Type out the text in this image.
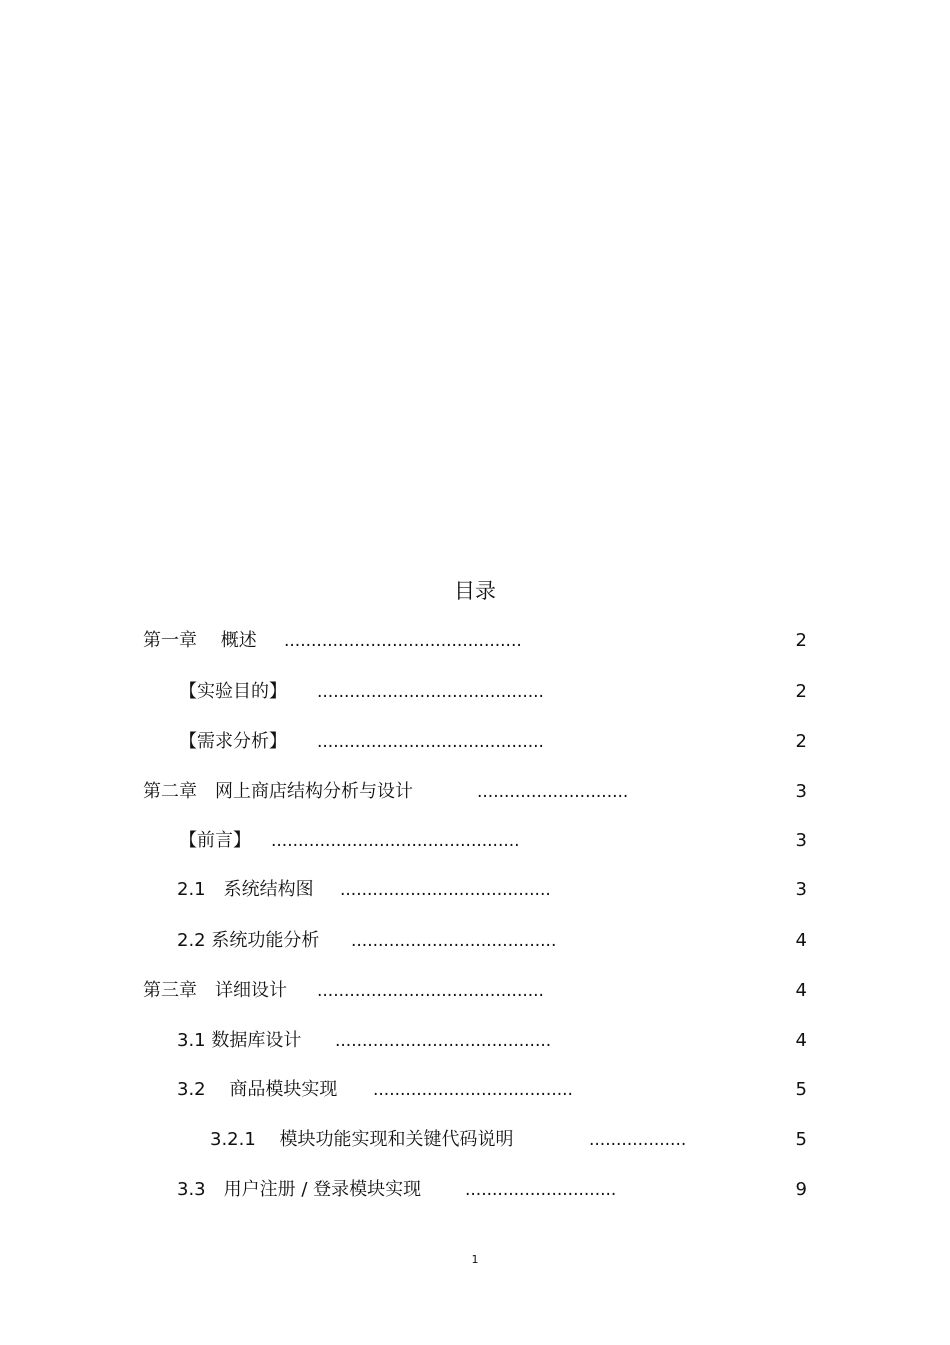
目录
第一章　 概述 ............................................	2
【实验目的】 ..........................................	2
【需求分析】 ..........................................	2
第二章　网上商店结构分析与设计	............................	3
【前言】 ..............................................	3
2.1　系统结构图 .......................................	3
2.2 系统功能分析 ......................................	4
第三章　详细设计 ..........................................	4
3.1 数据库设计 ........................................	4
3.2　 商品模块实现 .....................................	5
3.2.1　 模块功能实现和关键代码说明	..................	5
3.3　用户注册 / 登录模块实现	............................	9
1
